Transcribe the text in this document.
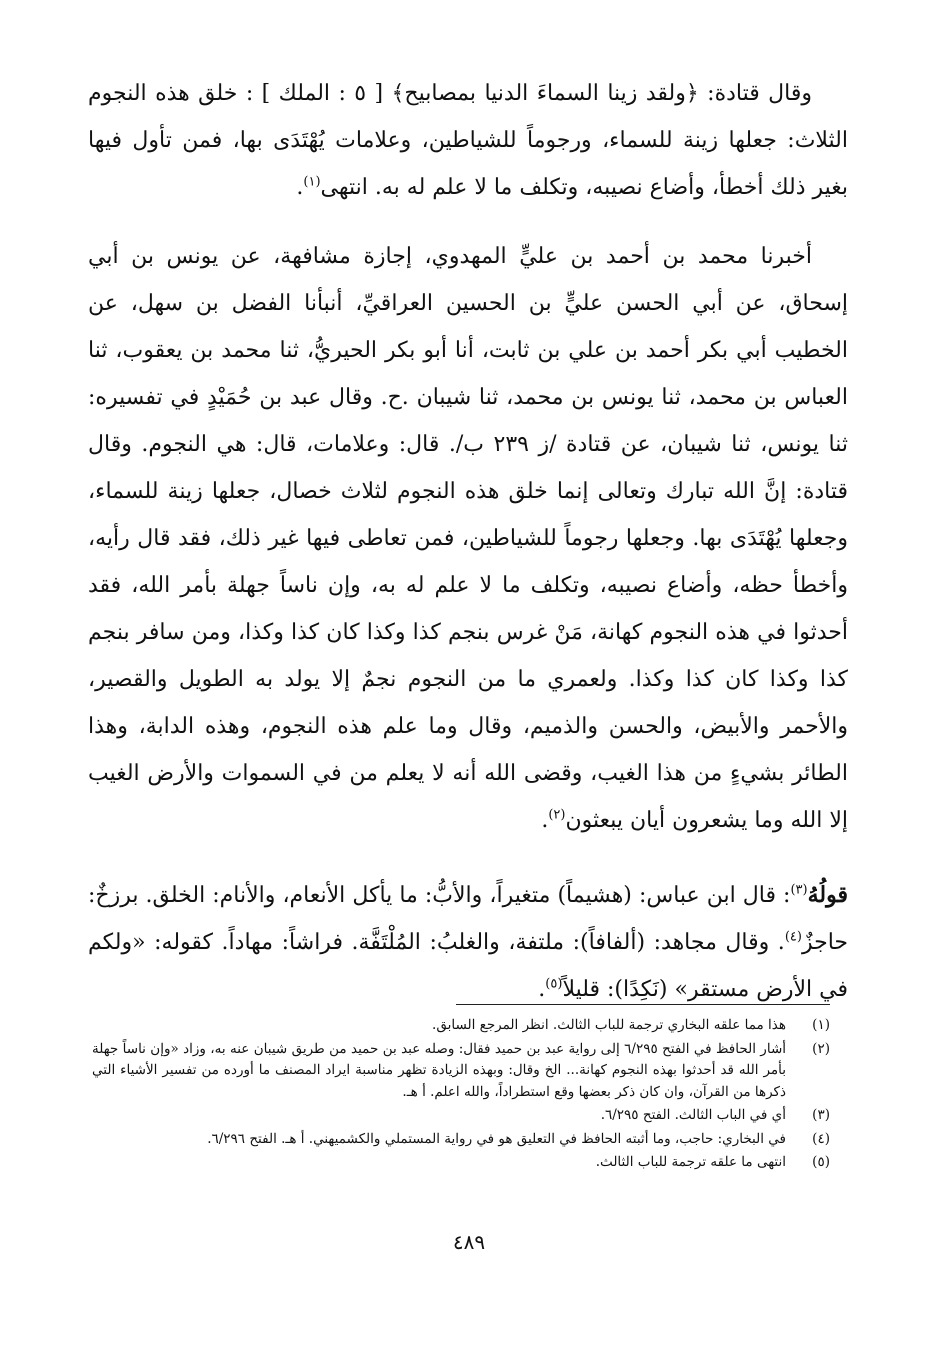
وقال قتادة: ﴿ولقد زينا السماءَ الدنيا بمصابيح﴾ [ ٥ : الملك ] : خلق هذه النجوم الثلاث: جعلها زينة للسماء، ورجوماً للشياطين، وعلامات يُهْتَدَى بها، فمن تأول فيها بغير ذلك أخطأ، وأضاع نصيبه، وتكلف ما لا علم له به. انتهى$^{(١)}$.

أخبرنا محمد بن أحمد بن عليٍّ المهدوي، إجازة مشافهة، عن يونس بن أبي إسحاق، عن أبي الحسن عليٍّ بن الحسين العراقيِّ، أنبأنا الفضل بن سهل، عن الخطيب أبي بكر أحمد بن علي بن ثابت، أنا أبو بكر الحيريُّ، ثنا محمد بن يعقوب، ثنا العباس بن محمد، ثنا يونس بن محمد، ثنا شيبان .ح. وقال عبد بن حُمَيْدٍ في تفسيره: ثنا يونس، ثنا شيبان، عن قتادة /ز ٢٣٩ ب/. قال: وعلامات، قال: هي النجوم. وقال قتادة: إنَّ الله تبارك وتعالى إنما خلق هذه النجوم لثلاث خصال، جعلها زينة للسماء، وجعلها يُهْتَدَى بها. وجعلها رجوماً للشياطين، فمن تعاطى فيها غير ذلك، فقد قال رأيه، وأخطأ حظه، وأضاع نصيبه، وتكلف ما لا علم له به، وإن ناساً جهلة بأمر الله، فقد أحدثوا في هذه النجوم كهانة، مَنْ غرس بنجم كذا وكذا كان كذا وكذا، ومن سافر بنجم كذا وكذا كان كذا وكذا. ولعمري ما من النجوم نجمٌ إلا يولد به الطويل والقصير، والأحمر والأبيض، والحسن والذميم، وقال وما علم هذه النجوم، وهذه الدابة، وهذا الطائر بشيءٍ من هذا الغيب، وقضى الله أنه لا يعلم من في السموات والأرض الغيب إلا الله وما يشعرون أيان يبعثون$^{(٢)}$.

قولُهُ$^{(٣)}$: قال ابن عباس: (هشيماً) متغيراً، والأبُّ: ما يأكل الأنعام، والأنام: الخلق. برزخٌ: حاجزٌ$^{(٤)}$. وقال مجاهد: (ألفافاً): ملتفة، والغلبُ: المُلْتَفَّة. فراشاً: مهاداً. كقوله: «ولكم في الأرض مستقر» (نَكِدًا): قليلاً$^{(٥)}$.

(١)
هذا مما علقه البخاري ترجمة للباب الثالث. انظر المرجع السابق.
(٢)
أشار الحافظ في الفتح ٦/٢٩٥ إلى رواية عبد بن حميد فقال: وصله عبد بن حميد من طريق شيبان عنه به، وزاد «وإن ناساً جهلة بأمر الله قد أحدثوا بهذه النجوم كهانة... الخ وقال: وبهذه الزيادة تظهر مناسبة ايراد المصنف ما أورده من تفسير الأشياء التي ذكرها من القرآن، وان كان ذكر بعضها وقع استطراداً، والله اعلم. أ هـ.
(٣)
أي في الباب الثالث. الفتح ٦/٢٩٥.
(٤)
في البخاري: حاجب، وما أثبته الحافظ في التعليق هو في رواية المستملي والكشميهني. أ هـ. الفتح ٦/٢٩٦.
(٥)
انتهى ما علقه ترجمة للباب الثالث.
٤٨٩
